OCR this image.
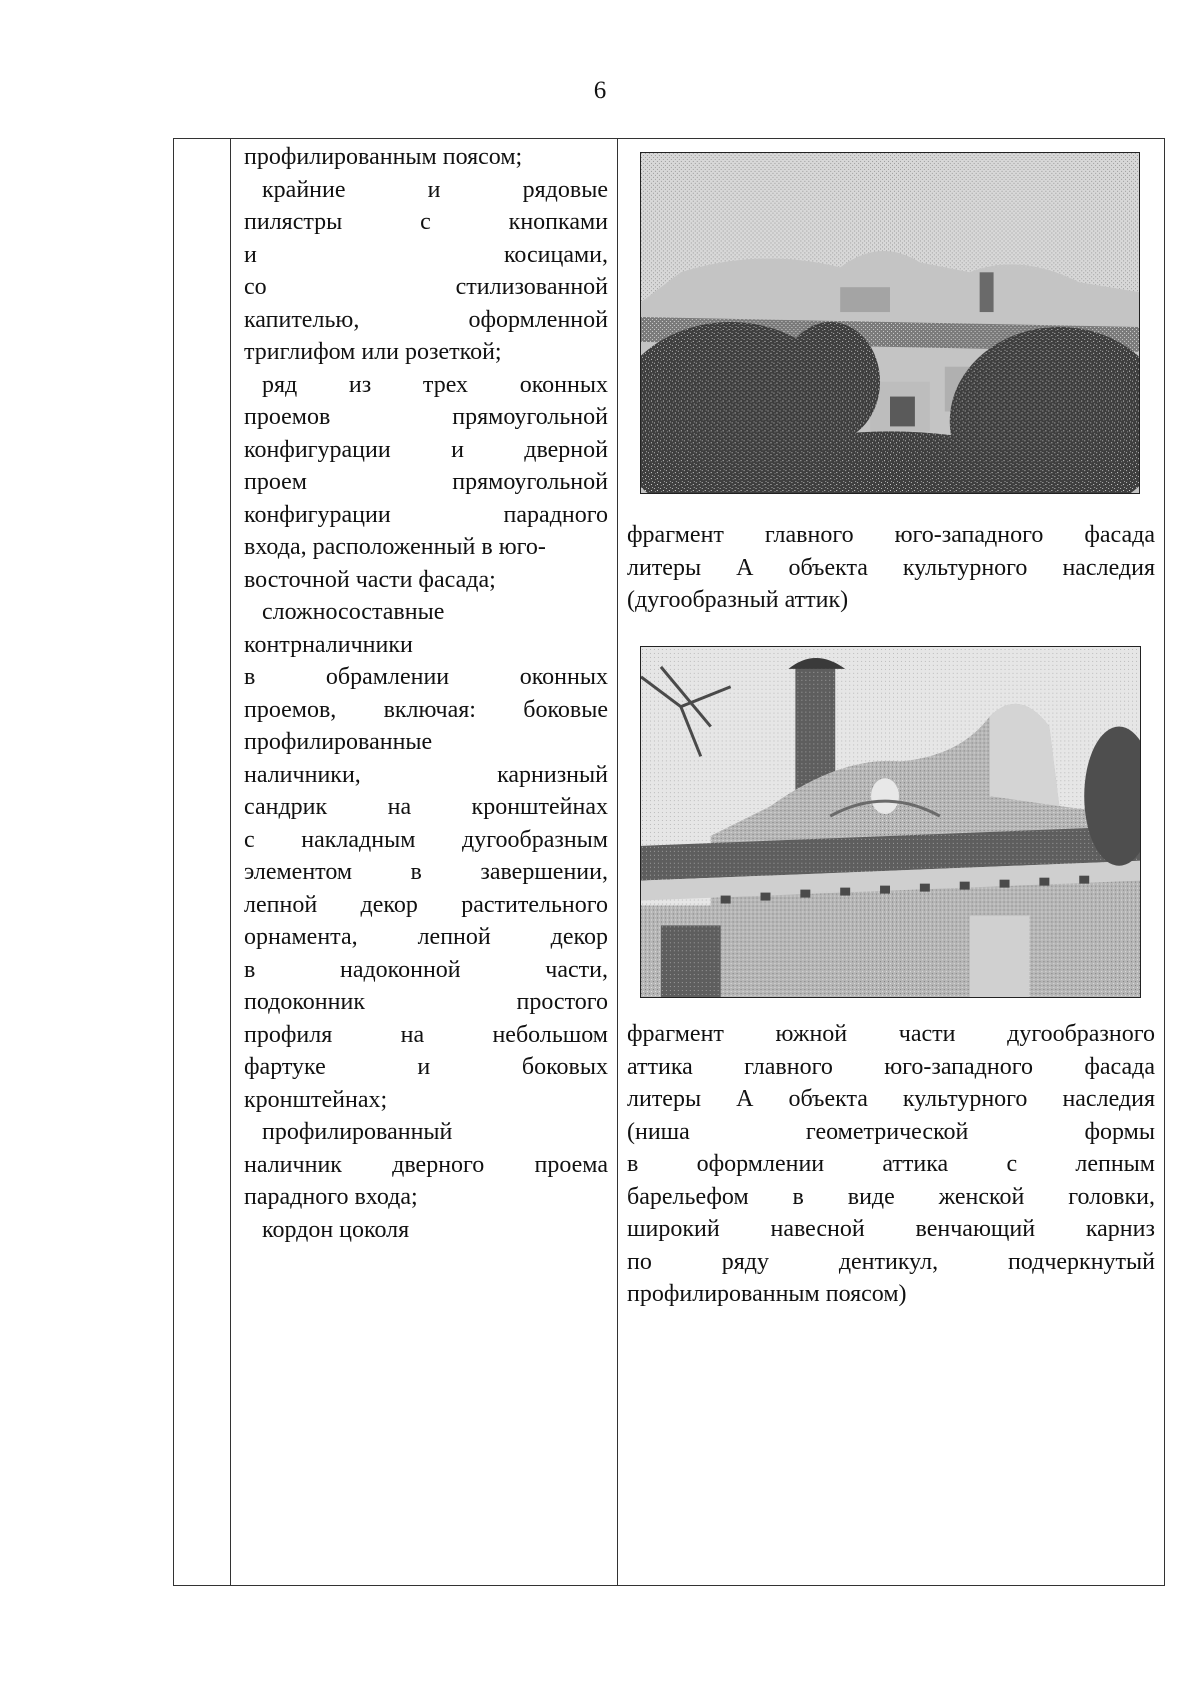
6
профилированным поясом;
крайние	и	рядовые
пилястры	с	кнопками
и	косицами,
со	стилизованной
капителью,	оформленной
триглифом или розеткой;
ряд из трех оконных
проемов	прямоугольной
конфигурации	и	дверной
проем	прямоугольной
конфигурации	парадного
входа, расположенный в юго-
восточной части фасада;
сложносоставные
контрналичники
в	обрамлении	оконных
проемов, включая: боковые
профилированные
наличники,	карнизный
сандрик	на	кронштейнах
с накладным дугообразным
элементом в завершении,
лепной декор растительного
орнамента, лепной декор
в	надоконной	части,
подоконник	простого
профиля	на	небольшом
фартуке	и	боковых
кронштейнах;
профилированный
наличник дверного проема
парадного входа;
кордон цоколя
фрагмент главного юго-западного фасада
литеры А объекта культурного наследия
(дугообразный аттик)
фрагмент южной части дугообразного
аттика главного юго-западного фасада
литеры А объекта культурного наследия
(ниша	геометрической	формы
в оформлении аттика с лепным
барельефом в виде женской головки,
широкий навесной венчающий карниз
по	ряду	дентикул,	подчеркнутый
профилированным поясом)
